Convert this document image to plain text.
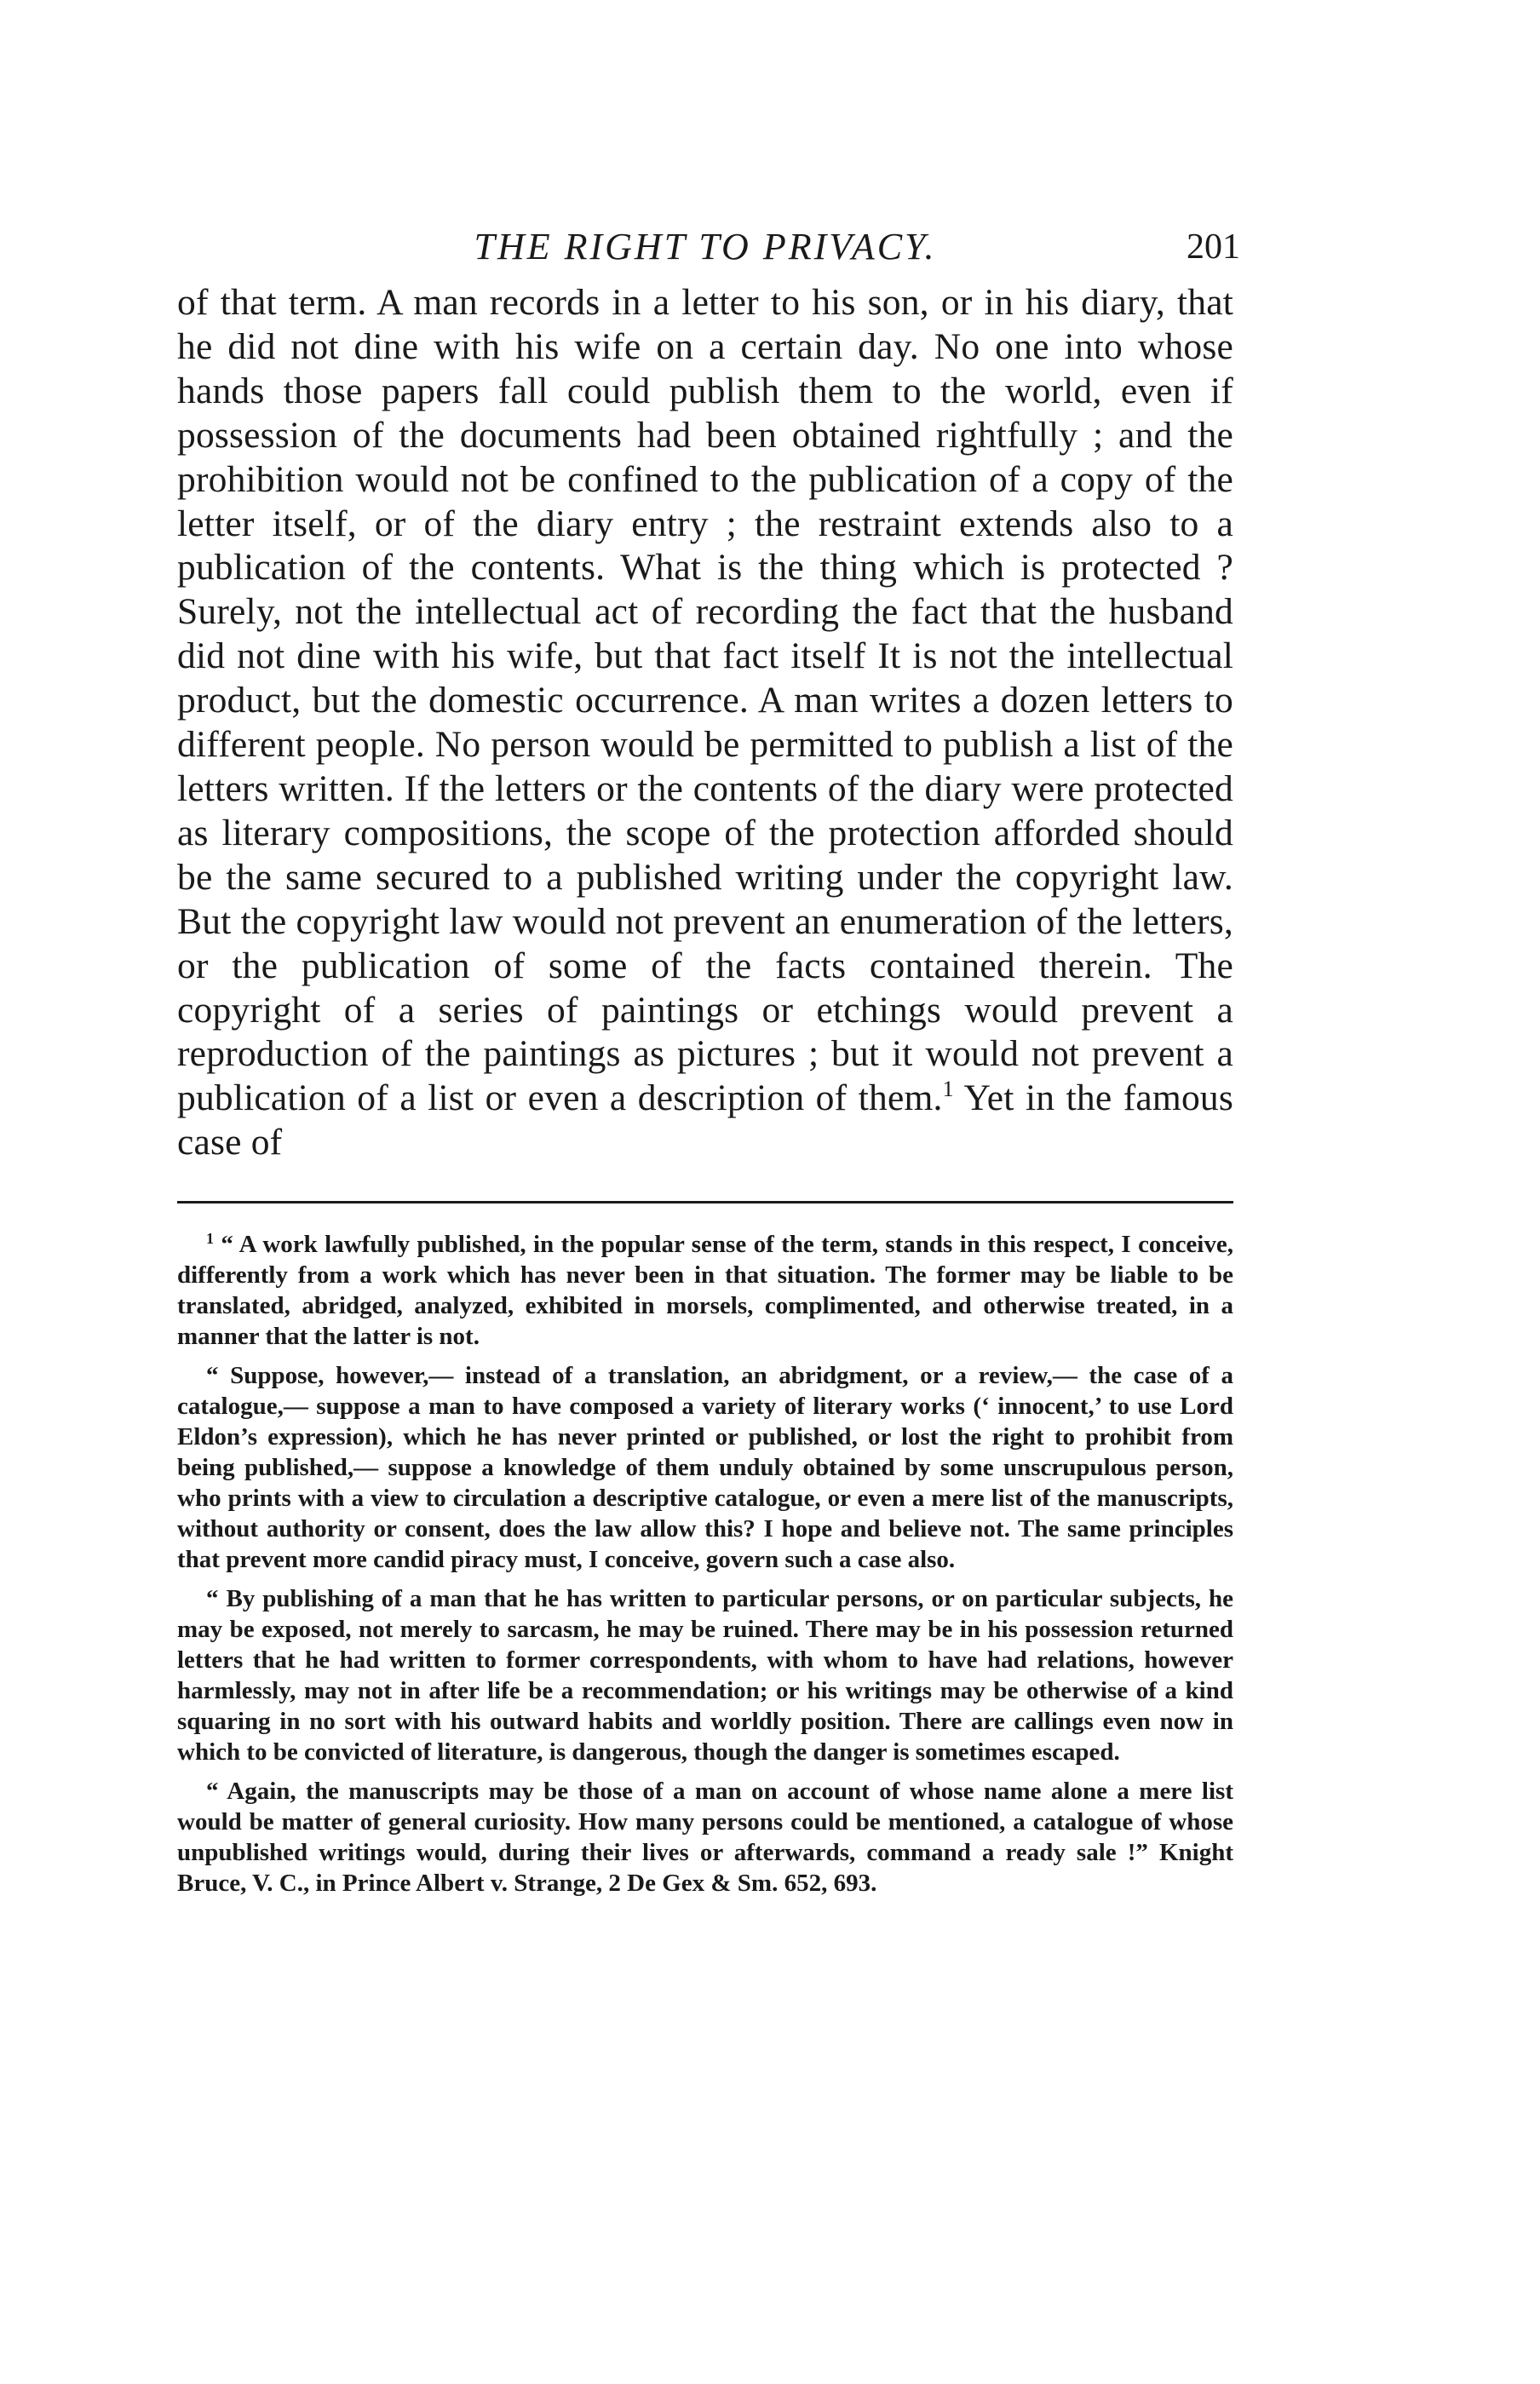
THE RIGHT TO PRIVACY.	201

of that term. A man records in a letter to his son, or in his diary, that he did not dine with his wife on a certain day. No one into whose hands those papers fall could publish them to the world, even if possession of the documents had been obtained rightfully ; and the prohibition would not be confined to the publication of a copy of the letter itself, or of the diary entry ; the restraint extends also to a publication of the contents. What is the thing which is protected ? Surely, not the intellectual act of recording the fact that the husband did not dine with his wife, but that fact itself It is not the intellectual product, but the domestic occurrence. A man writes a dozen letters to different people. No person would be permitted to publish a list of the letters written. If the letters or the contents of the diary were protected as literary compositions, the scope of the protection afforded should be the same secured to a published writing under the copyright law. But the copyright law would not prevent an enumeration of the letters, or the publication of some of the facts contained therein. The copyright of a series of paintings or etchings would prevent a reproduction of the paintings as pictures ; but it would not prevent a publication of a list or even a description of them.$^1$ Yet in the famous case of

$^1$ “ A work lawfully published, in the popular sense of the term, stands in this respect, I conceive, differently from a work which has never been in that situation. The former may be liable to be translated, abridged, analyzed, exhibited in morsels, complimented, and otherwise treated, in a manner that the latter is not.

“ Suppose, however,— instead of a translation, an abridgment, or a review,— the case of a catalogue,— suppose a man to have composed a variety of literary works (‘ innocent,’ to use Lord Eldon’s expression), which he has never printed or published, or lost the right to prohibit from being published,— suppose a knowledge of them unduly obtained by some unscrupulous person, who prints with a view to circulation a descriptive catalogue, or even a mere list of the manuscripts, without authority or consent, does the law allow this? I hope and believe not. The same principles that prevent more candid piracy must, I conceive, govern such a case also.

“ By publishing of a man that he has written to particular persons, or on particular subjects, he may be exposed, not merely to sarcasm, he may be ruined. There may be in his possession returned letters that he had written to former correspondents, with whom to have had relations, however harmlessly, may not in after life be a recommendation; or his writings may be otherwise of a kind squaring in no sort with his outward habits and worldly position. There are callings even now in which to be convicted of literature, is dangerous, though the danger is sometimes escaped.

“ Again, the manuscripts may be those of a man on account of whose name alone a mere list would be matter of general curiosity. How many persons could be mentioned, a catalogue of whose unpublished writings would, during their lives or afterwards, command a ready sale !” Knight Bruce, V. C., in Prince Albert v. Strange, 2 De Gex & Sm. 652, 693.
